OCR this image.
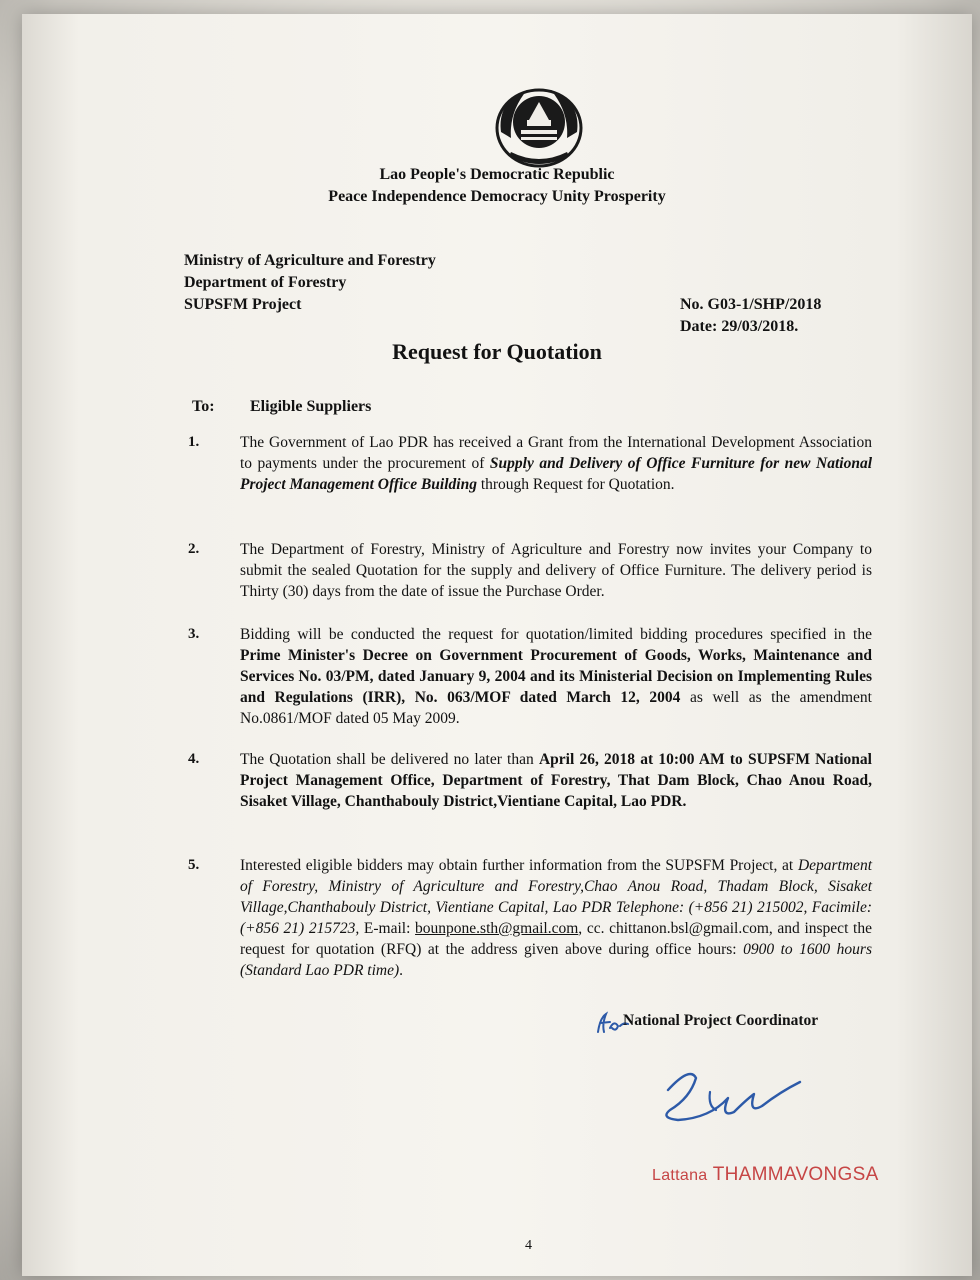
Lao People's Democratic Republic
Peace Independence Democracy Unity Prosperity
Ministry of Agriculture and Forestry
Department of Forestry
SUPSFM Project	No. G03-1/SHP/2018
Date: 29/03/2018.
Request for Quotation
To: Eligible Suppliers
1.	The Government of Lao PDR has received a Grant from the International Development Association to payments under the procurement of Supply and Delivery of Office Furniture for new National Project Management Office Building through Request for Quotation.
2.	The Department of Forestry, Ministry of Agriculture and Forestry now invites your Company to submit the sealed Quotation for the supply and delivery of Office Furniture. The delivery period is Thirty (30) days from the date of issue the Purchase Order.
3.	Bidding will be conducted the request for quotation/limited bidding procedures specified in the Prime Minister's Decree on Government Procurement of Goods, Works, Maintenance and Services No. 03/PM, dated January 9, 2004 and its Ministerial Decision on Implementing Rules and Regulations (IRR), No. 063/MOF dated March 12, 2004 as well as the amendment No.0861/MOF dated 05 May 2009.
4.	The Quotation shall be delivered no later than April 26, 2018 at 10:00 AM to SUPSFM National Project Management Office, Department of Forestry, That Dam Block, Chao Anou Road, Sisaket Village, Chanthabouly District,Vientiane Capital, Lao PDR.
5.	Interested eligible bidders may obtain further information from the SUPSFM Project, at Department of Forestry, Ministry of Agriculture and Forestry,Chao Anou Road, Thadam Block, Sisaket Village,Chanthabouly District, Vientiane Capital, Lao PDR Telephone: (+856 21) 215002, Facimile: (+856 21) 215723, E-mail: bounpone.sth@gmail.com, cc. chittanon.bsl@gmail.com, and inspect the request for quotation (RFQ) at the address given above during office hours: 0900 to 1600 hours (Standard Lao PDR time).
National Project Coordinator
Lattana THAMMAVONGSA
4
